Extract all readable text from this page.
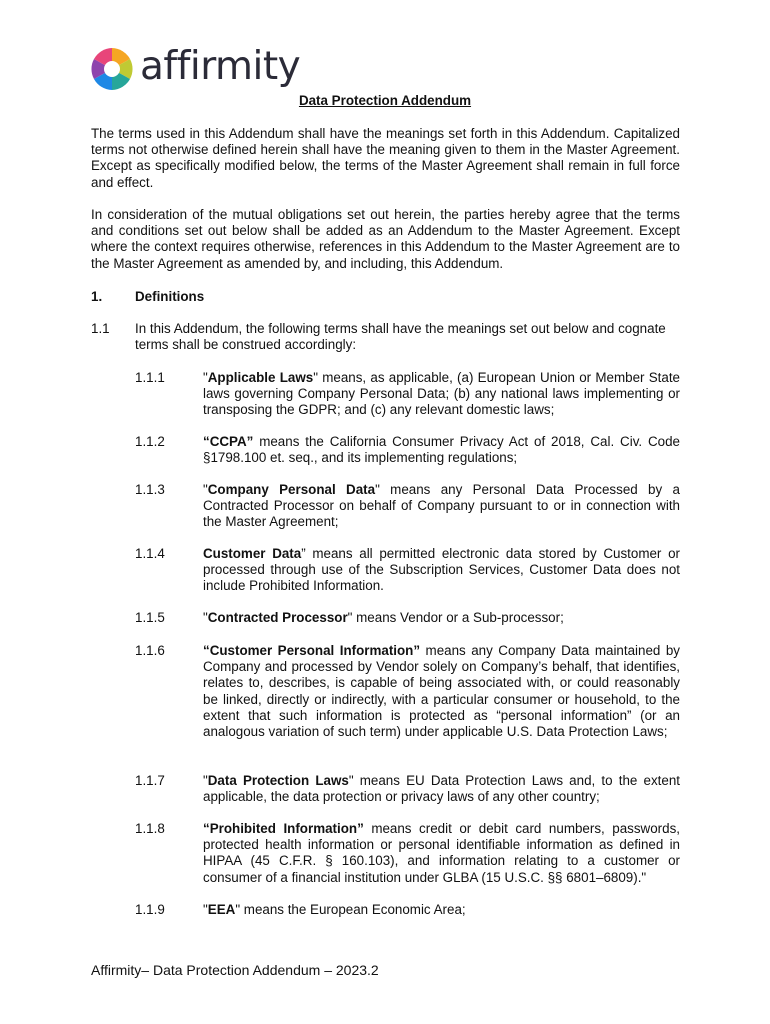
affirmity
Data Protection Addendum
The terms used in this Addendum shall have the meanings set forth in this Addendum. Capitalized terms not otherwise defined herein shall have the meaning given to them in the Master Agreement. Except as specifically modified below, the terms of the Master Agreement shall remain in full force and effect.
In consideration of the mutual obligations set out herein, the parties hereby agree that the terms and conditions set out below shall be added as an Addendum to the Master Agreement. Except where the context requires otherwise, references in this Addendum to the Master Agreement are to the Master Agreement as amended by, and including, this Addendum.
1. Definitions
1.1 In this Addendum, the following terms shall have the meanings set out below and cognate terms shall be construed accordingly:
1.1.1	"Applicable Laws" means, as applicable, (a) European Union or Member State laws governing Company Personal Data; (b) any national laws implementing or transposing the GDPR; and (c) any relevant domestic laws;
1.1.2	“CCPA” means the California Consumer Privacy Act of 2018, Cal. Civ. Code §1798.100 et. seq., and its implementing regulations;
1.1.3	"Company Personal Data" means any Personal Data Processed by a Contracted Processor on behalf of Company pursuant to or in connection with the Master Agreement;
1.1.4	Customer Data” means all permitted electronic data stored by Customer or processed through use of the Subscription Services, Customer Data does not include Prohibited Information.
1.1.5	"Contracted Processor" means Vendor or a Sub-processor;
1.1.6	“Customer Personal Information” means any Company Data maintained by Company and processed by Vendor solely on Company’s behalf, that identifies, relates to, describes, is capable of being associated with, or could reasonably be linked, directly or indirectly, with a particular consumer or household, to the extent that such information is protected as “personal information” (or an analogous variation of such term) under applicable U.S. Data Protection Laws;
1.1.7	"Data Protection Laws" means EU Data Protection Laws and, to the extent applicable, the data protection or privacy laws of any other country;
1.1.8	“Prohibited Information” means credit or debit card numbers, passwords, protected health information or personal identifiable information as defined in HIPAA (45 C.F.R. § 160.103), and information relating to a customer or consumer of a financial institution under GLBA (15 U.S.C. §§ 6801–6809)."
1.1.9	"EEA" means the European Economic Area;
Affirmity– Data Protection Addendum – 2023.2
